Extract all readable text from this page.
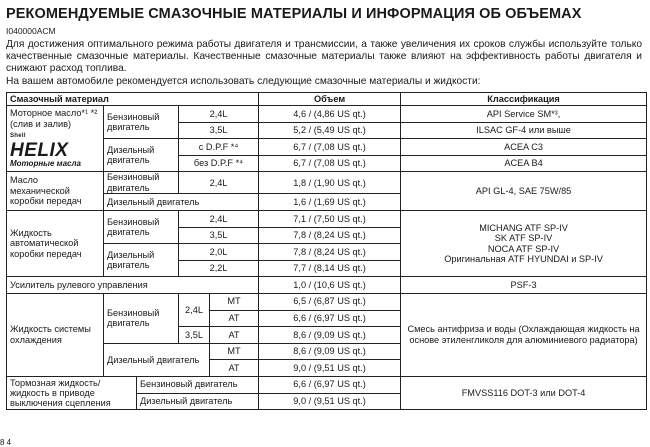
РЕКОМЕНДУЕМЫЕ СМАЗОЧНЫЕ МАТЕРИАЛЫ И ИНФОРМАЦИЯ ОБ ОБЪЕМАХ
I040000ACM
Для достижения оптимального режима работы двигателя и трансмиссии, а также увеличения их сроков службы используйте только качественные смазочные материалы. Качественные смазочные материалы также влияют на эффективность работы двигателя и снижают расход топлива.
На вашем автомобиле рекомендуется использовать следующие смазочные материалы и жидкости:
Смазочный материал					Объем	Классификация

Моторное масло*¹ *² (слив и залив)
Shell
HELIX
Моторные масла	Бензиновый двигатель		2,4L		4,6 / (4,86 US qt.)	API Service SM*³,
			3,5L		5,2 / (5,49 US qt.)	ILSAC GF-4 или выше
	Дизельный двигатель		с D.P.F *⁴		6,7 / (7,08 US qt.)	ACEA C3
			без D.P.F *⁴		6,7 / (7,08 US qt.)	ACEA B4
Масло механической коробки передач	Бензиновый двигатель		2,4L		1,8 / (1,90 US qt.)	API GL-4, SAE 75W/85
	Дизельный двигатель				1,6 / (1,69 US qt.)	
Жидкость автоматической коробки передач	Бензиновый двигатель		2,4L		7,1 / (7,50 US qt.)	MICHANG ATF SP-IV
SK ATF SP-IV
NOCA ATF SP-IV
Оригинальная ATF HYUNDAI и SP-IV

			3,5L		7,8 / (8,24 US qt.)	
	Дизельный двигатель		2,0L		7,8 / (8,24 US qt.)	
			2,2L		7,7 / (8,14 US qt.)	
Усилитель рулевого управления					1,0 / (10,6 US qt.)	PSF-3
Жидкость системы охлаждения	Бензиновый двигатель		2,4L	MT	6,5 / (6,87 US qt.)	Смесь антифриза и воды (Охлаждающая жидкость на
основе этиленгликоля для алюминиевого радиатора)

				AT	6,6 / (6,97 US qt.)	
			3,5L	AT	8,6 / (9,09 US qt.)	
	Дизельный двигатель			MT	8,6 / (9,09 US qt.)	
				AT	9,0 / (9,51 US qt.)	
Тормозная жидкость/ жидкость в приводе выключения сцепления		Бензиновый двигатель			6,6 / (6,97 US qt.)	FMVSS116 DOT-3 или DOT-4
		Дизельный двигатель			9,0 / (9,51 US qt.)	
8 4
